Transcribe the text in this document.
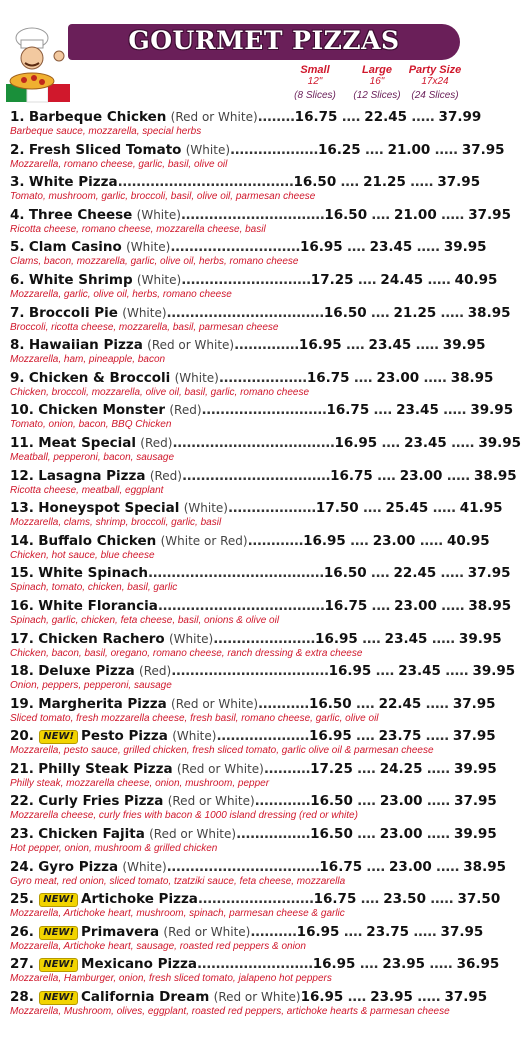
GOURMET PIZZAS
Small
12"
(8 Slices)
Large
16"
(12 Slices)
Party Size
17x24
(24 Slices)
1. Barbeque Chicken (Red or White)........16.75 .... 22.45 ..... 37.99
Barbeque sauce, mozzarella, special herbs
2. Fresh Sliced Tomato (White)...................16.25 .... 21.00 ..... 37.95
Mozzarella, romano cheese, garlic, basil, olive oil
3. White Pizza......................................16.50 .... 21.25 ..... 37.95
Tomato, mushroom, garlic, broccoli, basil, olive oil, parmesan cheese
4. Three Cheese (White)...............................16.50 .... 21.00 ..... 37.95
Ricotta cheese, romano cheese, mozzarella cheese, basil
5. Clam Casino (White)............................16.95 .... 23.45 ..... 39.95
Clams, bacon, mozzarella, garlic, olive oil, herbs, romano cheese
6. White Shrimp (White)............................17.25 .... 24.45 ..... 40.95
Mozzarella, garlic, olive oil, herbs, romano cheese
7. Broccoli Pie (White)..................................16.50 .... 21.25 ..... 38.95
Broccoli, ricotta cheese, mozzarella, basil, parmesan cheese
8. Hawaiian Pizza (Red or White)..............16.95 .... 23.45 ..... 39.95
Mozzarella, ham, pineapple, bacon
9. Chicken & Broccoli (White)...................16.75 .... 23.00 ..... 38.95
Chicken, broccoli, mozzarella, olive oil, basil, garlic, romano cheese
10. Chicken Monster (Red)...........................16.75 .... 23.45 ..... 39.95
Tomato, onion, bacon, BBQ Chicken
11. Meat Special (Red)...................................16.95 .... 23.45 ..... 39.95
Meatball, pepperoni, bacon, sausage
12. Lasagna Pizza (Red)................................16.75 .... 23.00 ..... 38.95
Ricotta cheese, meatball, eggplant
13. Honeyspot Special (White)...................17.50 .... 25.45 ..... 41.95
Mozzarella, clams, shrimp, broccoli, garlic, basil
14. Buffalo Chicken (White or Red)............16.95 .... 23.00 ..... 40.95
Chicken, hot sauce, blue cheese
15. White Spinach......................................16.50 .... 22.45 ..... 37.95
Spinach, tomato, chicken, basil, garlic
16. White Florancia....................................16.75 .... 23.00 ..... 38.95
Spinach, garlic, chicken, feta cheese, basil, onions & olive oil
17. Chicken Rachero (White)......................16.95 .... 23.45 ..... 39.95
Chicken, bacon, basil, oregano, romano cheese, ranch dressing & extra cheese
18. Deluxe Pizza (Red)..................................16.95 .... 23.45 ..... 39.95
Onion, peppers, pepperoni, sausage
19. Margherita Pizza (Red or White)...........16.50 .... 22.45 ..... 37.95
Sliced tomato, fresh mozzarella cheese, fresh basil, romano cheese, garlic, olive oil
20. NEW! Pesto Pizza (White)....................16.95 .... 23.75 ..... 37.95
Mozzarella, pesto sauce, grilled chicken, fresh sliced tomato, garlic olive oil & parmesan cheese
21. Philly Steak Pizza (Red or White)..........17.25 .... 24.25 ..... 39.95
Philly steak, mozzarella cheese, onion, mushroom, pepper
22. Curly Fries Pizza (Red or White)............16.50 .... 23.00 ..... 37.95
Mozzarella cheese, curly fries with bacon & 1000 island dressing (red or white)
23. Chicken Fajita (Red or White)................16.50 .... 23.00 ..... 39.95
Hot pepper, onion, mushroom & grilled chicken
24. Gyro Pizza (White).................................16.75 .... 23.00 ..... 38.95
Gyro meat, red onion, sliced tomato, tzatziki sauce, feta cheese, mozzarella
25. NEW! Artichoke Pizza.........................16.75 .... 23.50 ..... 37.50
Mozzarella, Artichoke heart, mushroom, spinach, parmesan cheese & garlic
26. NEW! Primavera (Red or White)..........16.95 .... 23.75 ..... 37.95
Mozzarella, Artichoke heart, sausage, roasted red peppers & onion
27. NEW! Mexicano Pizza.........................16.95 .... 23.95 ..... 36.95
Mozzarella, Hamburger, onion, fresh sliced tomato, jalapeno hot peppers
28. NEW! California Dream (Red or White)16.95 .... 23.95 ..... 37.95
Mozzarella, Mushroom, olives, eggplant, roasted red peppers, artichoke hearts & parmesan cheese
